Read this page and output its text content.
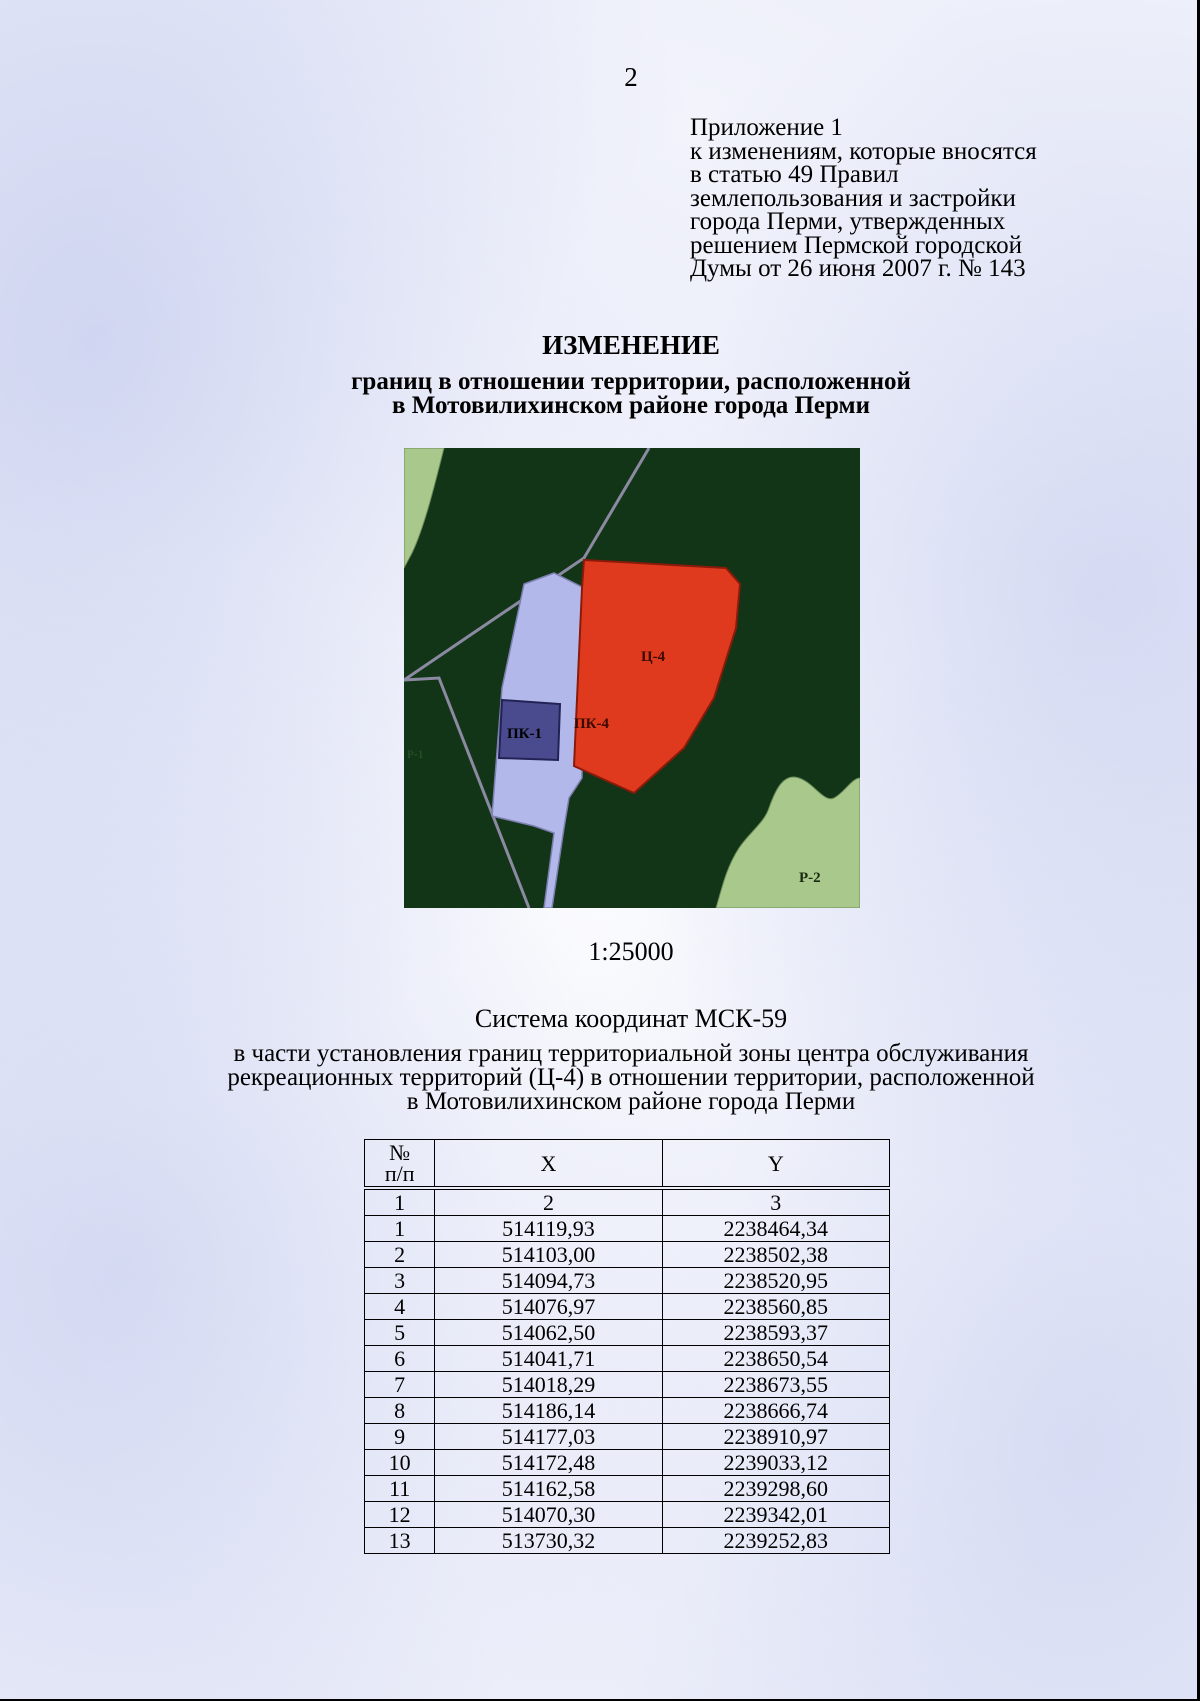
2
Приложение 1
к изменениям, которые вносятся
в статью 49 Правил
землепользования и застройки
города Перми, утвержденных
решением Пермской городской
Думы от 26 июня 2007 г. № 143
ИЗМЕНЕНИЕ
границ в отношении территории, расположенной
в Мотовилихинском районе города Перми
Ц-4
ПК-1
ПК-4
Р-2
Р-1
1:25000
Система координат МСК-59
в части установления границ территориальной зоны центра обслуживания
рекреационных территорий (Ц-4) в отношении территории, расположенной
в Мотовилихинском районе города Перми
№
п/п	X	Y
1	2	3
1	514119,93	2238464,34
2	514103,00	2238502,38
3	514094,73	2238520,95
4	514076,97	2238560,85
5	514062,50	2238593,37
6	514041,71	2238650,54
7	514018,29	2238673,55
8	514186,14	2238666,74
9	514177,03	2238910,97
10	514172,48	2239033,12
11	514162,58	2239298,60
12	514070,30	2239342,01
13	513730,32	2239252,83
